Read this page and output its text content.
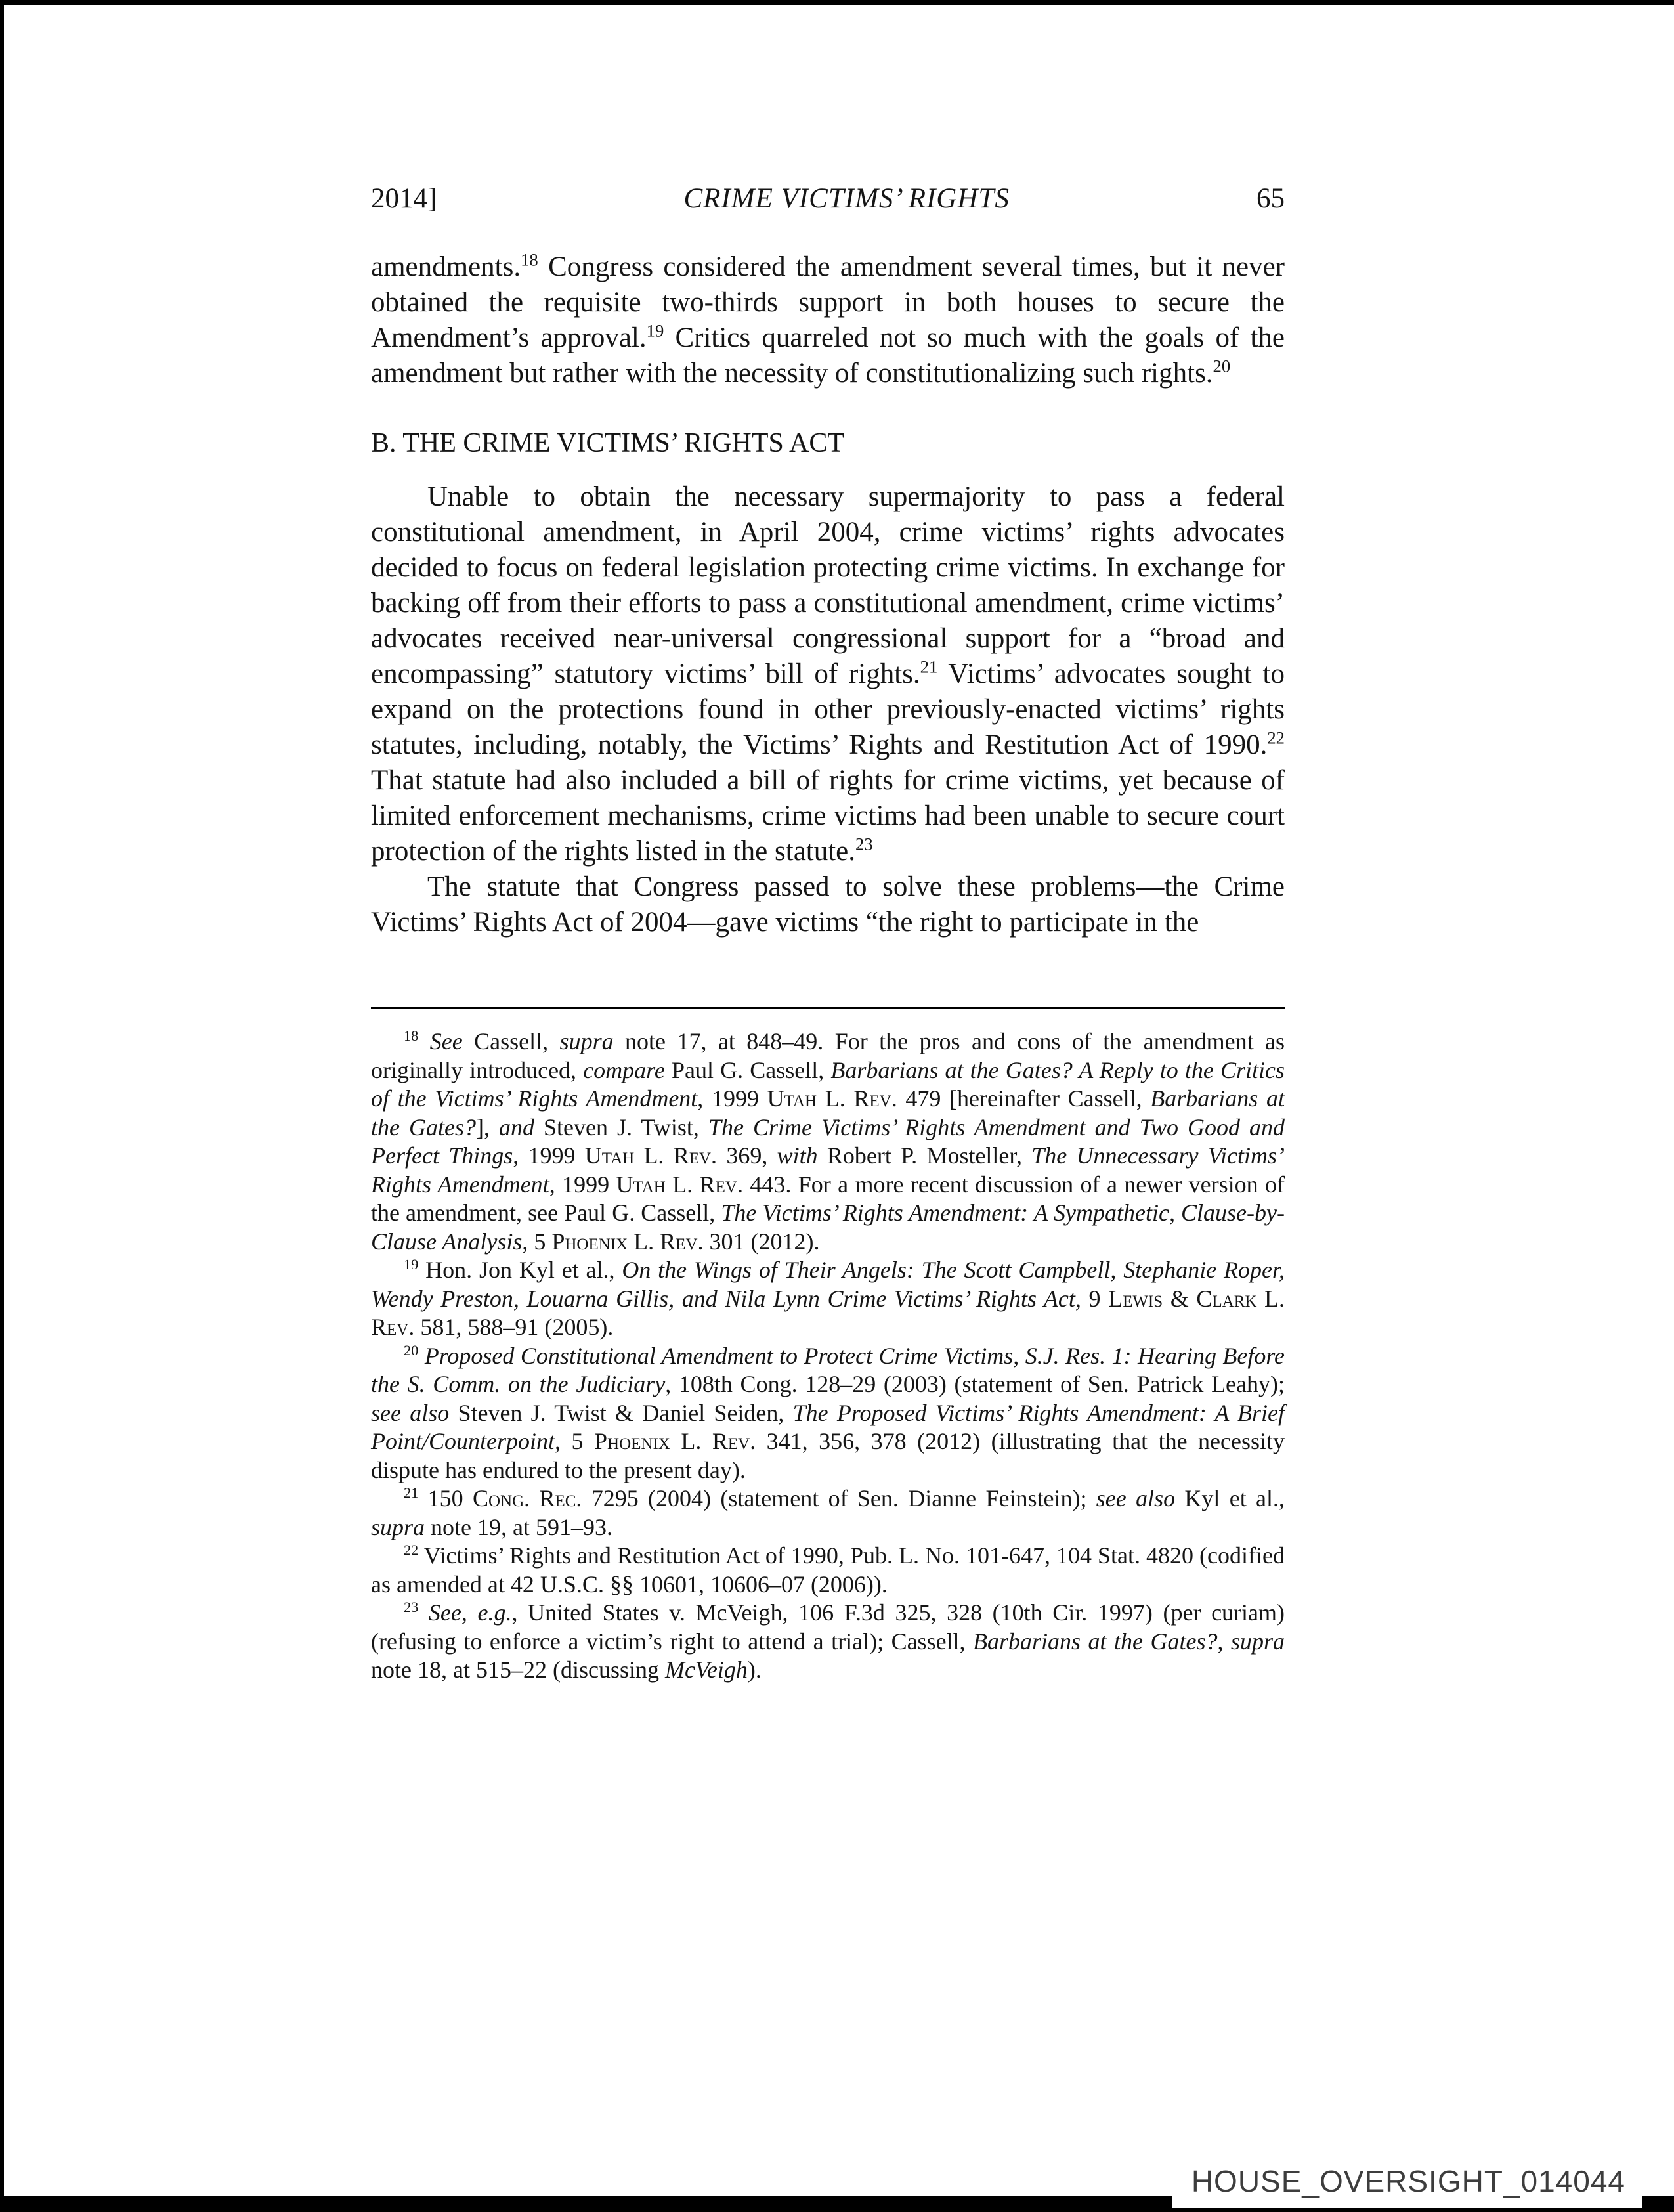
2014]	CRIME VICTIMS’ RIGHTS	65

amendments.$^{18}$ Congress considered the amendment several times, but it never obtained the requisite two-thirds support in both houses to secure the Amendment’s approval.$^{19}$ Critics quarreled not so much with the goals of the amendment but rather with the necessity of constitutionalizing such rights.$^{20}$

B. THE CRIME VICTIMS’ RIGHTS ACT

Unable to obtain the necessary supermajority to pass a federal constitutional amendment, in April 2004, crime victims’ rights advocates decided to focus on federal legislation protecting crime victims. In exchange for backing off from their efforts to pass a constitutional amendment, crime victims’ advocates received near-universal congressional support for a “broad and encompassing” statutory victims’ bill of rights.$^{21}$ Victims’ advocates sought to expand on the protections found in other previously-enacted victims’ rights statutes, including, notably, the Victims’ Rights and Restitution Act of 1990.22 That statute had also included a bill of rights for crime victims, yet because of limited enforcement mechanisms, crime victims had been unable to secure court protection of the rights listed in the statute.$^{23}$

The statute that Congress passed to solve these problems—the Crime Victims’ Rights Act of 2004—gave victims “the right to participate in the

$^{18}$ See Cassell, supra note 17, at 848–49. For the pros and cons of the amendment as originally introduced, compare Paul G. Cassell, Barbarians at the Gates? A Reply to the Critics of the Victims’ Rights Amendment, 1999 Utah L. Rev. 479 [hereinafter Cassell, Barbarians at the Gates?], and Steven J. Twist, The Crime Victims’ Rights Amendment and Two Good and Perfect Things, 1999 Utah L. Rev. 369, with Robert P. Mosteller, The Unnecessary Victims’ Rights Amendment, 1999 Utah L. Rev. 443. For a more recent discussion of a newer version of the amendment, see Paul G. Cassell, The Victims’ Rights Amendment: A Sympathetic, Clause-by-Clause Analysis, 5 Phoenix L. Rev. 301 (2012).

$^{19}$ Hon. Jon Kyl et al., On the Wings of Their Angels: The Scott Campbell, Stephanie Roper, Wendy Preston, Louarna Gillis, and Nila Lynn Crime Victims’ Rights Act, 9 Lewis & Clark L. Rev. 581, 588–91 (2005).

$^{20}$ Proposed Constitutional Amendment to Protect Crime Victims, S.J. Res. 1: Hearing Before the S. Comm. on the Judiciary, 108th Cong. 128–29 (2003) (statement of Sen. Patrick Leahy); see also Steven J. Twist & Daniel Seiden, The Proposed Victims’ Rights Amendment: A Brief Point/Counterpoint, 5 Phoenix L. Rev. 341, 356, 378 (2012) (illustrating that the necessity dispute has endured to the present day).

$^{21}$ 150 Cong. Rec. 7295 (2004) (statement of Sen. Dianne Feinstein); see also Kyl et al., supra note 19, at 591–93.

$^{22}$ Victims’ Rights and Restitution Act of 1990, Pub. L. No. 101-647, 104 Stat. 4820 (codified as amended at 42 U.S.C. §§ 10601, 10606–07 (2006)).

$^{23}$ See, e.g., United States v. McVeigh, 106 F.3d 325, 328 (10th Cir. 1997) (per curiam) (refusing to enforce a victim’s right to attend a trial); Cassell, Barbarians at the Gates?, supra note 18, at 515–22 (discussing McVeigh).

HOUSE_OVERSIGHT_014044
